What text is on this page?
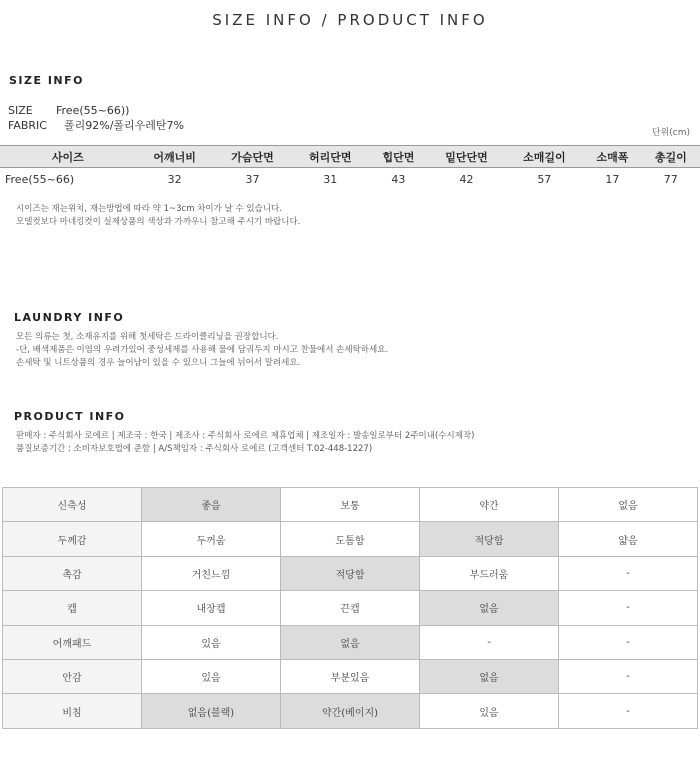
SIZE INFO / PRODUCT INFO
SIZE INFO
SIZE Free(55~66))
FABRIC 폴리92%/폴리우레탄7%
단위(cm)
사이즈	어깨너비	가슴단면	허리단면	힙단면	밑단단면	소매길이	소매폭	총길이
Free(55~66)	32	37	31	43	42	57	17	77
시이즈는 재는위치, 재는방법에 따라 약 1~3cm 차이가 날 수 있습니다.
모델컷보다 마네킹컷이 실제상품의 색상과 가까우니 참고해 주시기 바랍니다.
LAUNDRY INFO
모든 의류는 첫, 소재유지를 위해 첫세탁은 드라이클리닝을 권장합니다.
-단, 배색제품은 이염의 우려가있어 중성세제를 사용해 물에 담궈두지 마시고 찬물에서 손세탁하세요.
손세탁 및 니트상품의 경우 늘어남이 있을 수 있으니 그늘에 뉘어서 말려세요.
PRODUCT INFO
판매자 : 주식회사 로에르 | 제조국 : 한국 | 제조사 : 주식회사 로에르 제휴업체 | 제조일자 : 발송일로부터 2주이내(수시제작)
품질보증기간 : 소비자보호법에 준함 | A/S책임자 : 주식회사 로에르 (고객센터 T.02-448-1227)
신축성	좋음	보통	약간	없음
두께감	두꺼움	도톰함	적당함	얇음
촉감	거친느낌	적당함	부드러움	-
캡	내장캡	끈캡	없음	-
어깨패드	있음	없음	-	-
안감	있음	부분있음	없음	-
비침	없음(블랙)	약간(베이지)	있음	-
